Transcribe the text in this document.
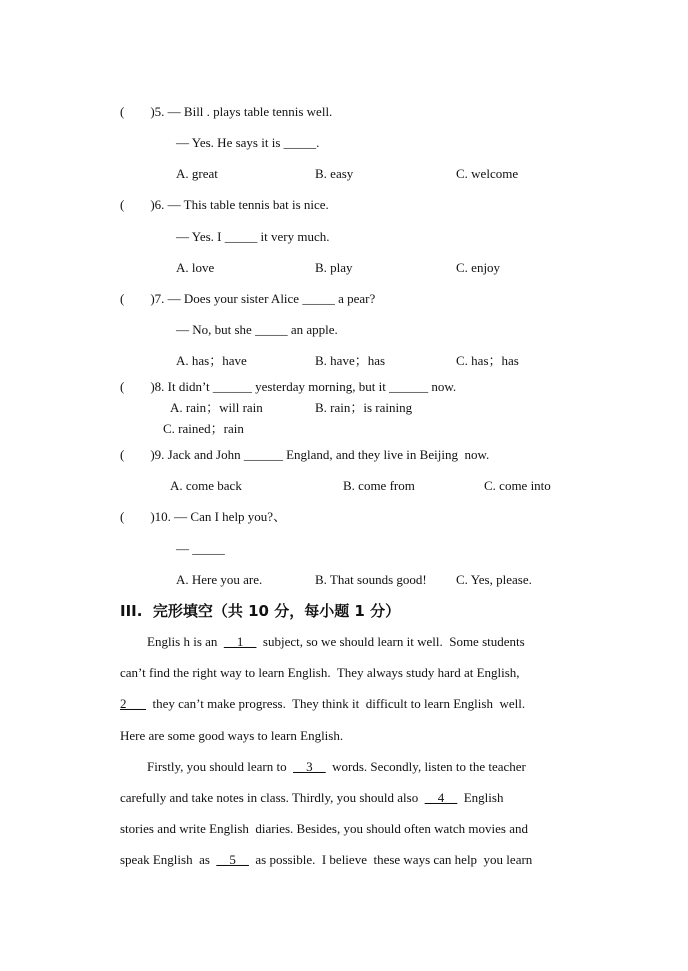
(        )5. — Bill . plays table tennis well.
— Yes. He says it is _____.
A. great	B. easy	C. welcome
(        )6. — This table tennis bat is nice.
— Yes. I _____ it very much.
A. love	B. play	C. enjoy
(        )7. — Does your sister Alice _____ a pear?
— No, but she _____ an apple.
A. has；have	B. have；has	C. has；has
(        )8. It didn’t ______ yesterday morning, but it ______ now.
A. rain；will rain	B. rain；is raining
C. rained；rain
(        )9. Jack and John ______ England, and they live in Beijing  now.
A. come back	B. come from	C. come into
(        )10. — Can I help you?、
— _____
A. Here you are.	B. That sounds good! C. Yes, please.
III.  完形填空（共 10 分，每小题 1 分）
Englis h is an  __1__  subject, so we should learn it well.  Some students
can’t find the right way to learn English.  They always study hard at English,
2___  they can’t make progress.  They think it  difficult to learn English  well.
Here are some good ways to learn English.
Firstly, you should learn to  __3__  words. Secondly, listen to the teacher
carefully and take notes in class. Thirdly, you should also  __4__  English
stories and write English  diaries. Besides, you should often watch movies and
speak English  as  __5__  as possible.  I believe  these ways can help  you learn
